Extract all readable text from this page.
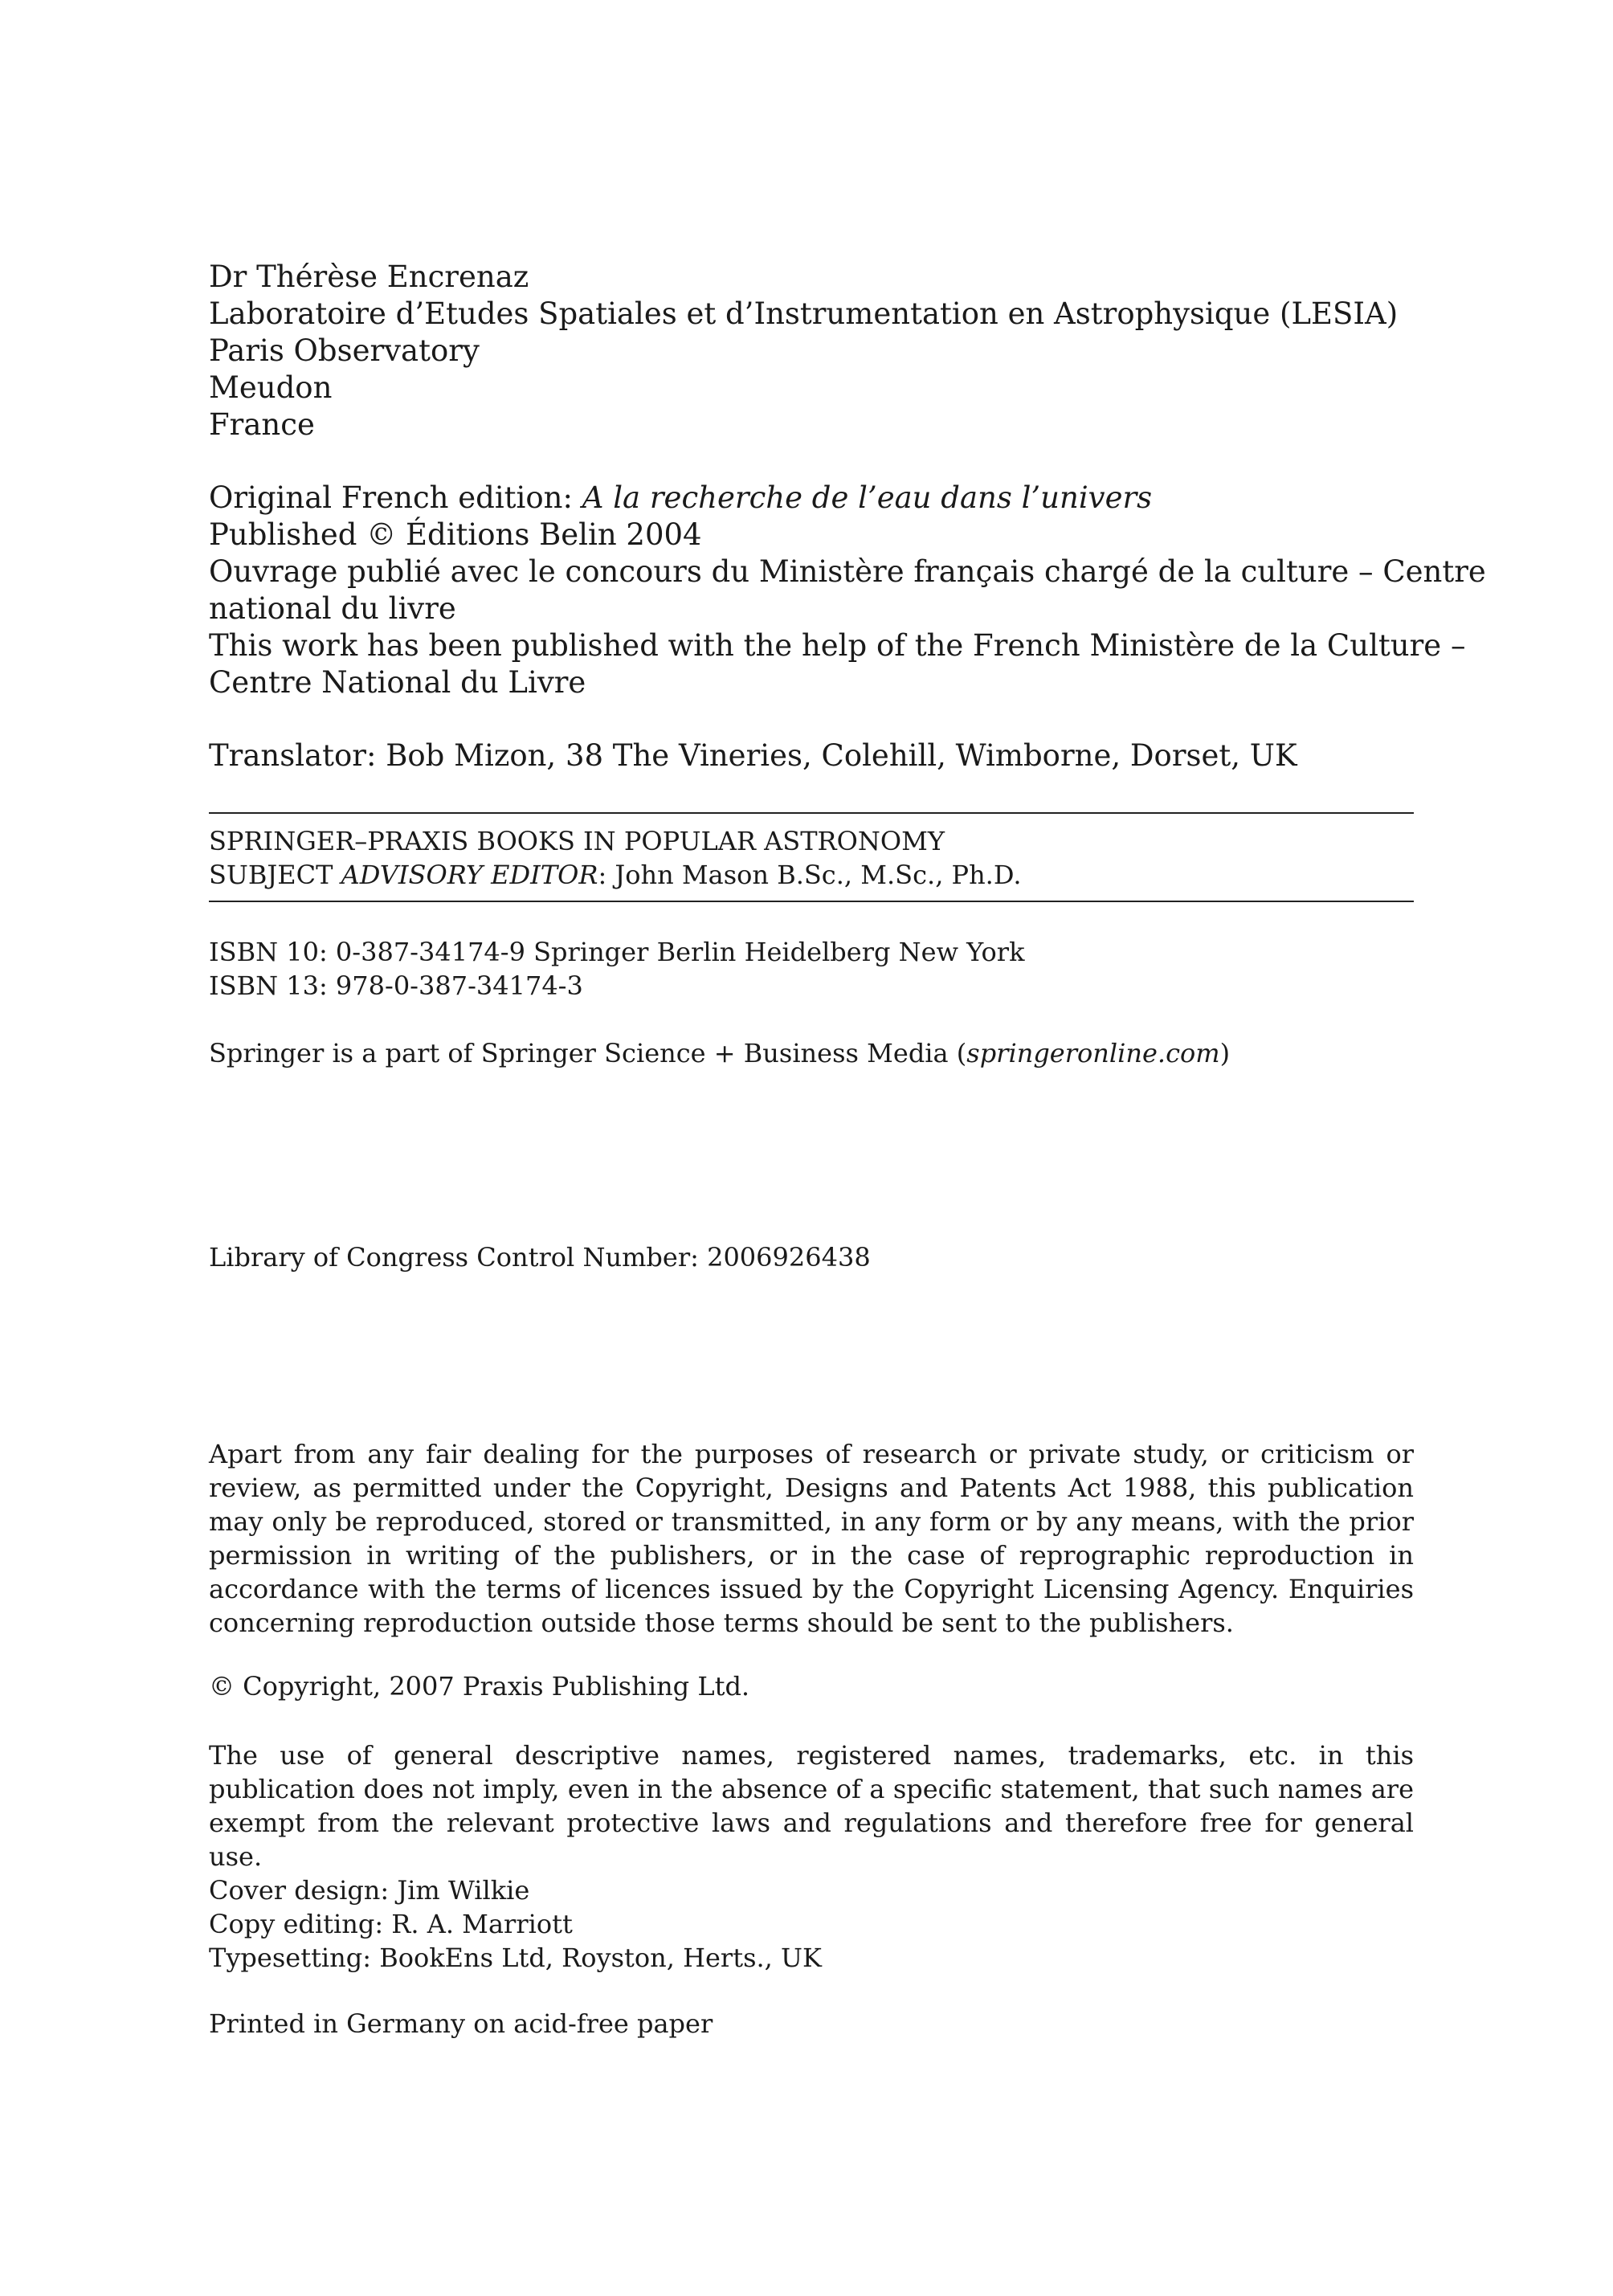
Dr Thérèse Encrenaz
Laboratoire d’Etudes Spatiales et d’Instrumentation en Astrophysique (LESIA)
Paris Observatory
Meudon
France
Original French edition: A la recherche de l’eau dans l’univers
Published © Éditions Belin 2004
Ouvrage publié avec le concours du Ministère français chargé de la culture – Centre
national du livre
This work has been published with the help of the French Ministère de la Culture –
Centre National du Livre
Translator: Bob Mizon, 38 The Vineries, Colehill, Wimborne, Dorset, UK
SPRINGER–PRAXIS BOOKS IN POPULAR ASTRONOMY
SUBJECT ADVISORY EDITOR: John Mason B.Sc., M.Sc., Ph.D.
ISBN 10: 0-387-34174-9 Springer Berlin Heidelberg New York
ISBN 13: 978-0-387-34174-3
Springer is a part of Springer Science + Business Media (springeronline.com)
Library of Congress Control Number: 2006926438

Apart from any fair dealing for the purposes of research or private study, or criticism or review, as permitted under the Copyright, Designs and Patents Act 1988, this publication may only be reproduced, stored or transmitted, in any form or by any means, with the prior permission in writing of the publishers, or in the case of reprographic reproduction in accordance with the terms of licences issued by the Copyright Licensing Agency. Enquiries concerning reproduction outside those terms should be sent to the publishers.

© Copyright, 2007 Praxis Publishing Ltd.

The use of general descriptive names, registered names, trademarks, etc. in this publication does not imply, even in the absence of a specific statement, that such names are exempt from the relevant protective laws and regulations and therefore free for general use.

Cover design: Jim Wilkie
Copy editing: R. A. Marriott
Typesetting: BookEns Ltd, Royston, Herts., UK
Printed in Germany on acid-free paper
